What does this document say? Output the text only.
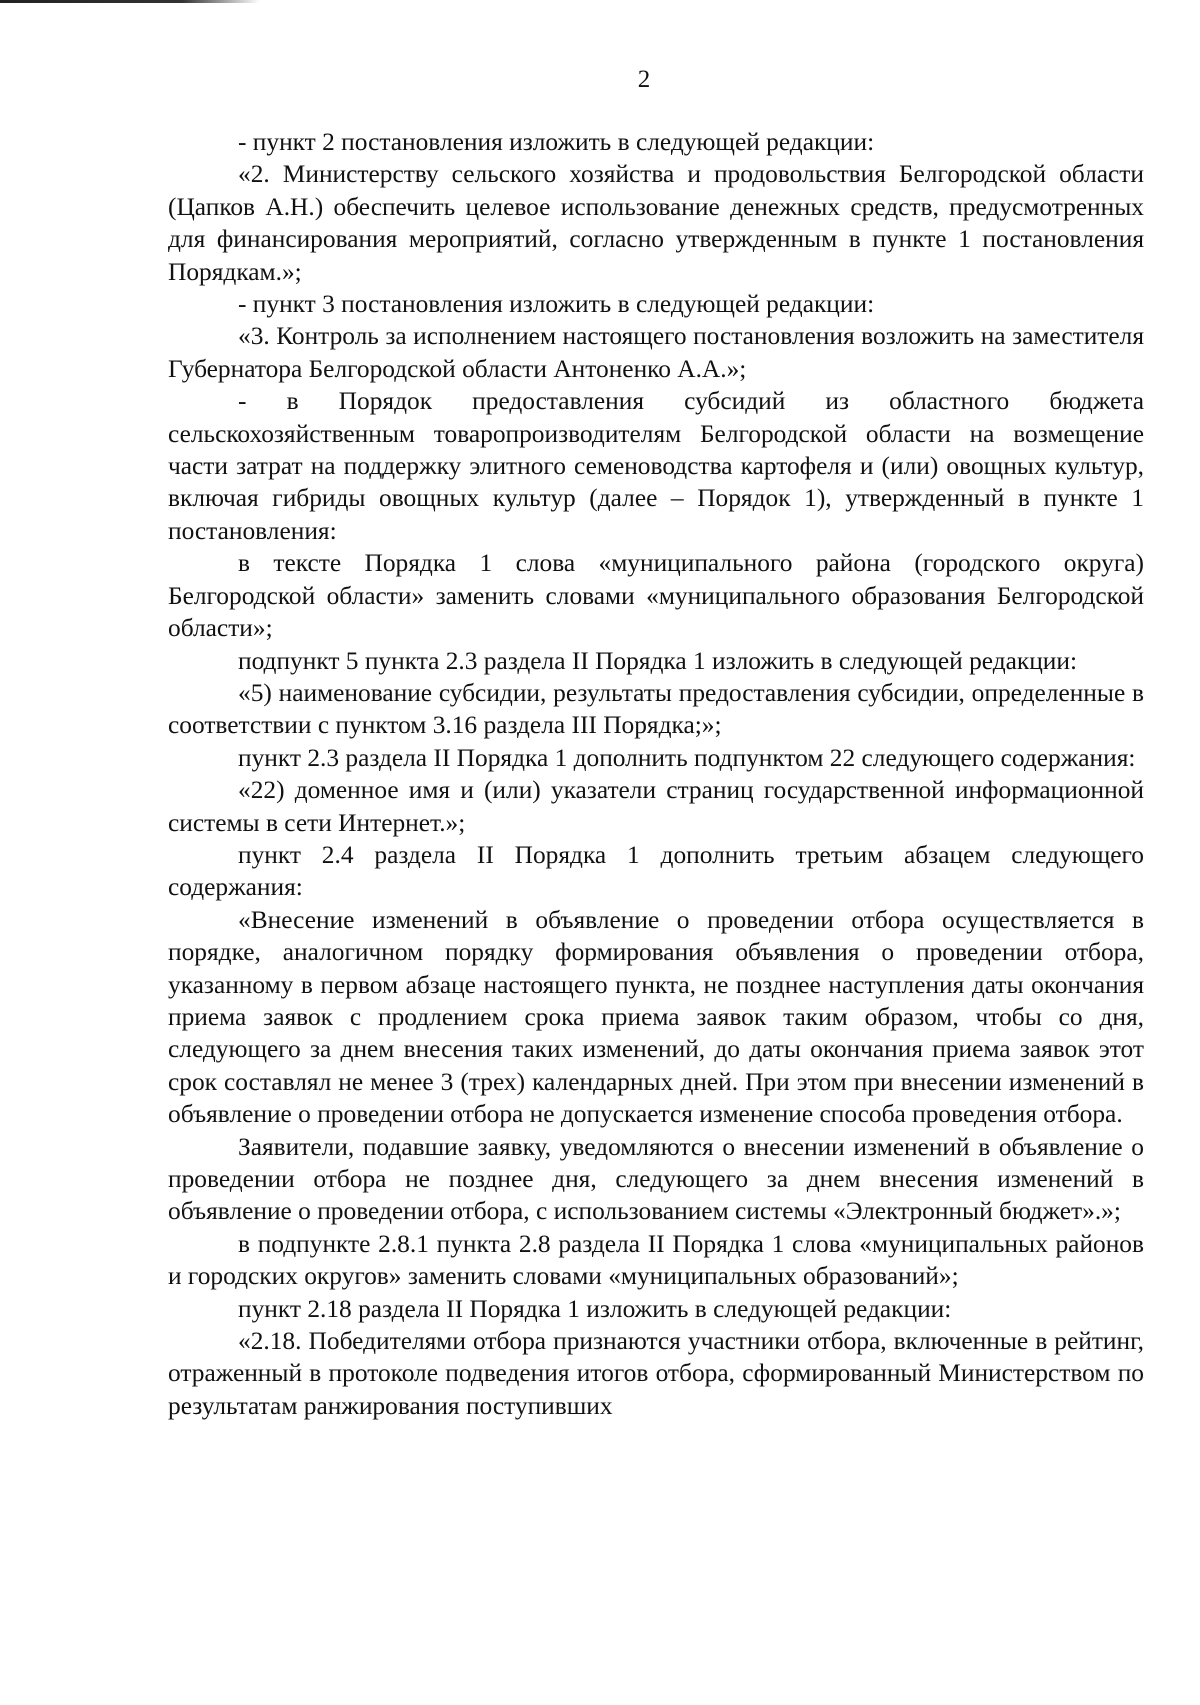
2

- пункт 2 постановления изложить в следующей редакции:

«2. Министерству сельского хозяйства и продовольствия Белгородской области (Цапков А.Н.) обеспечить целевое использование денежных средств, предусмотренных для финансирования мероприятий, согласно утвержденным в пункте 1 постановления Порядкам.»;

- пункт 3 постановления изложить в следующей редакции:

«3. Контроль за исполнением настоящего постановления возложить на заместителя Губернатора Белгородской области Антоненко А.А.»;

- в Порядок предоставления субсидий из областного бюджета сельскохозяйственным товаропроизводителям Белгородской области на возмещение части затрат на поддержку элитного семеноводства картофеля и (или) овощных культур, включая гибриды овощных культур (далее – Порядок 1), утвержденный в пункте 1 постановления:

в тексте Порядка 1 слова «муниципального района (городского округа) Белгородской области» заменить словами «муниципального образования Белгородской области»;

подпункт 5 пункта 2.3 раздела II Порядка 1 изложить в следующей редакции:

«5) наименование субсидии, результаты предоставления субсидии, определенные в соответствии с пунктом 3.16 раздела III Порядка;»;

пункт 2.3 раздела II Порядка 1 дополнить подпунктом 22 следующего содержания:

«22) доменное имя и (или) указатели страниц государственной информационной системы в сети Интернет.»;

пункт 2.4 раздела II Порядка 1 дополнить третьим абзацем следующего содержания:

«Внесение изменений в объявление о проведении отбора осуществляется в порядке, аналогичном порядку формирования объявления о проведении отбора, указанному в первом абзаце настоящего пункта, не позднее наступления даты окончания приема заявок с продлением срока приема заявок таким образом, чтобы со дня, следующего за днем внесения таких изменений, до даты окончания приема заявок этот срок составлял не менее 3 (трех) календарных дней. При этом при внесении изменений в объявление о проведении отбора не допускается изменение способа проведения отбора.

Заявители, подавшие заявку, уведомляются о внесении изменений в объявление о проведении отбора не позднее дня, следующего за днем внесения изменений в объявление о проведении отбора, с использованием системы «Электронный бюджет».»;

в подпункте 2.8.1 пункта 2.8 раздела II Порядка 1 слова «муниципальных районов и городских округов» заменить словами «муниципальных образований»;

пункт 2.18 раздела II Порядка 1 изложить в следующей редакции:

«2.18. Победителями отбора признаются участники отбора, включенные в рейтинг, отраженный в протоколе подведения итогов отбора, сформированный Министерством по результатам ранжирования поступивших
